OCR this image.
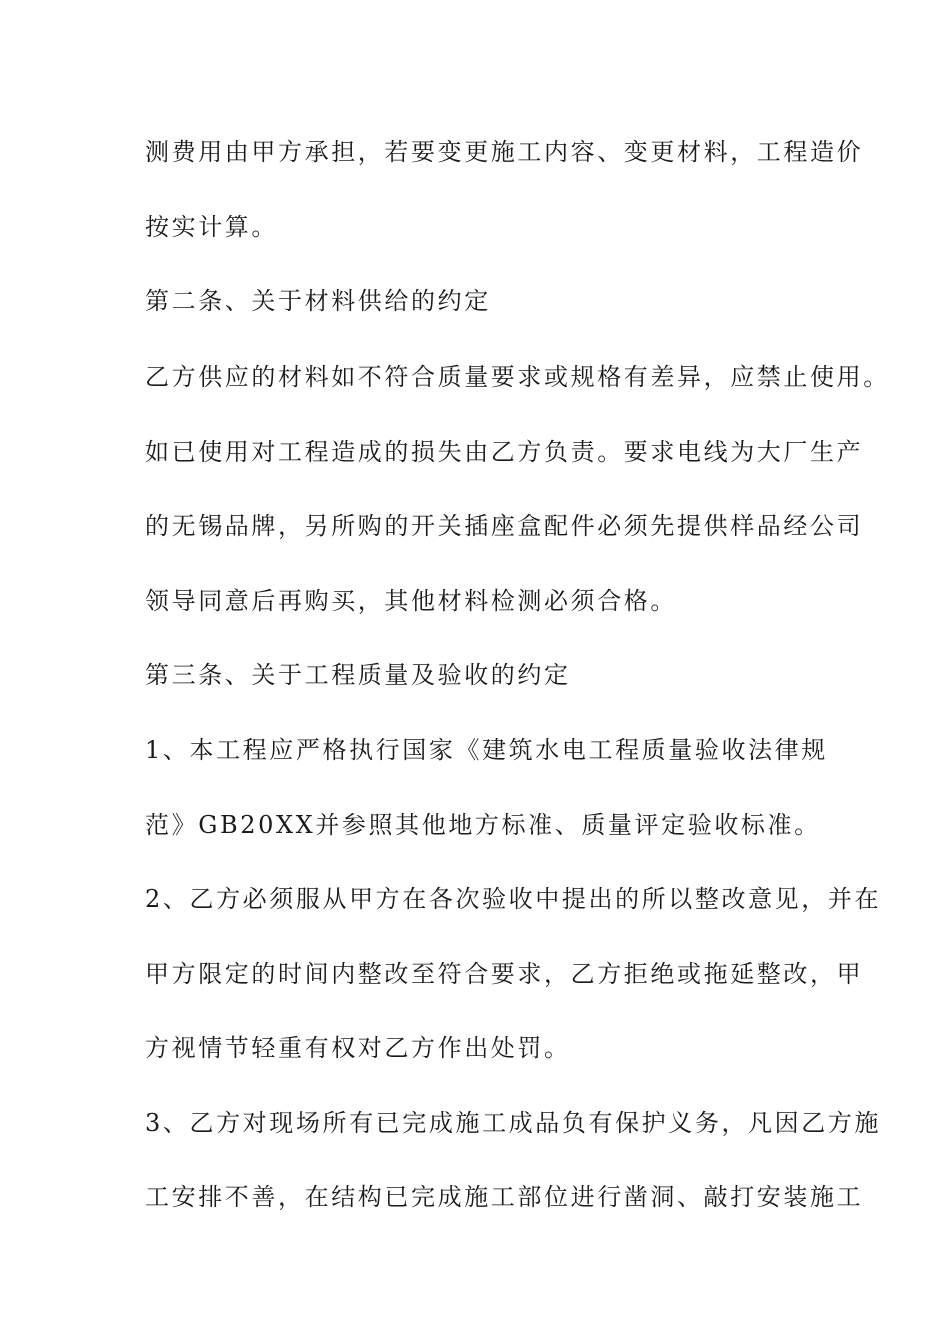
测费用由甲方承担，若要变更施工内容、变更材料，工程造价

按实计算。

第二条、关于材料供给的约定

乙方供应的材料如不符合质量要求或规格有差异，应禁止使用。

如已使用对工程造成的损失由乙方负责。要求电线为大厂生产

的无锡品牌，另所购的开关插座盒配件必须先提供样品经公司

领导同意后再购买，其他材料检测必须合格。

第三条、关于工程质量及验收的约定

1、本工程应严格执行国家《建筑水电工程质量验收法律规

范》GB20XX并参照其他地方标准、质量评定验收标准。

2、乙方必须服从甲方在各次验收中提出的所以整改意见，并在

甲方限定的时间内整改至符合要求，乙方拒绝或拖延整改，甲

方视情节轻重有权对乙方作出处罚。

3、乙方对现场所有已完成施工成品负有保护义务，凡因乙方施

工安排不善，在结构已完成施工部位进行凿洞、敲打安装施工
